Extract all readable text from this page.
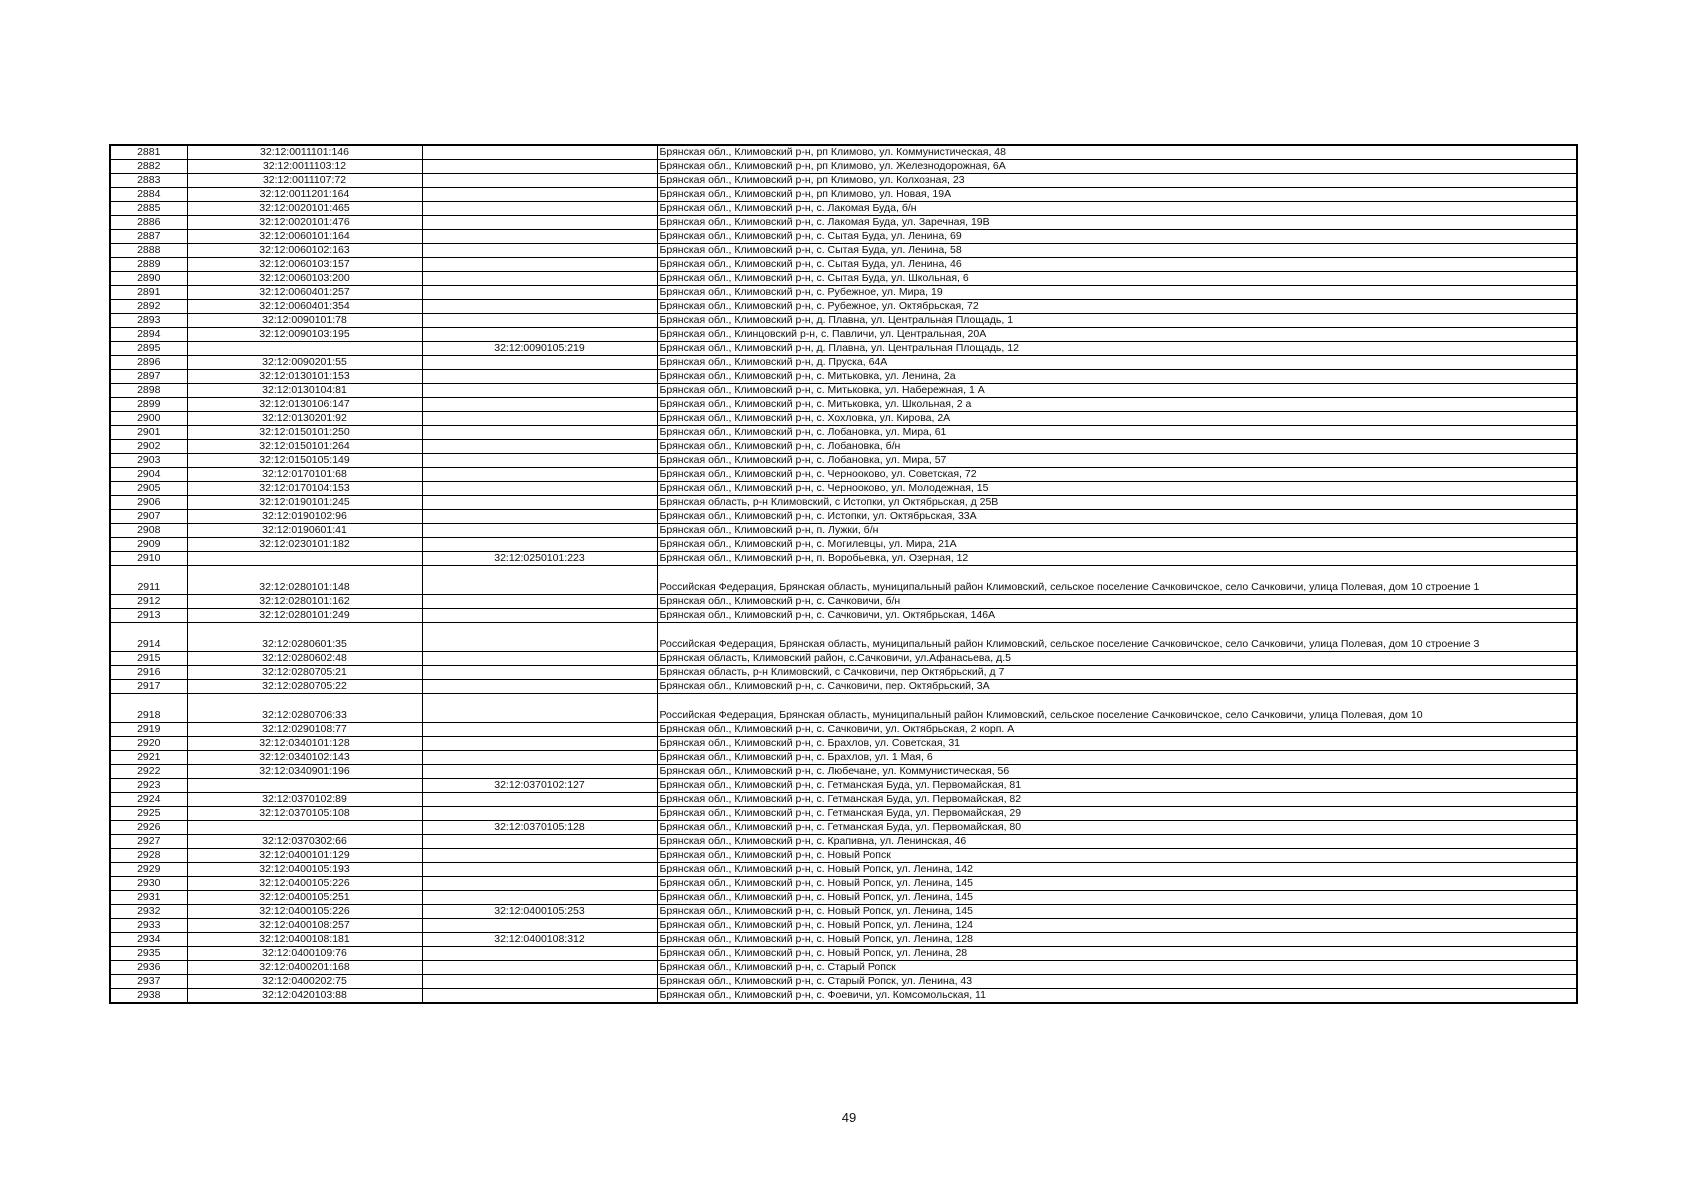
2881	32:12:0011101:146		Брянская обл., Климовский р-н, рп Климово, ул. Коммунистическая, 48
2882	32:12:0011103:12		Брянская обл., Климовский р-н, рп Климово, ул. Железнодорожная, 6А
2883	32:12:0011107:72		Брянская обл., Климовский р-н, рп Климово, ул. Колхозная, 23
2884	32:12:0011201:164		Брянская обл., Климовский р-н, рп Климово, ул. Новая, 19А
2885	32:12:0020101:465		Брянская обл., Климовский р-н, с. Лакомая Буда, б/н
2886	32:12:0020101:476		Брянская обл., Климовский р-н, с. Лакомая Буда, ул. Заречная, 19В
2887	32:12:0060101:164		Брянская обл., Климовский р-н, с. Сытая Буда, ул. Ленина, 69
2888	32:12:0060102:163		Брянская обл., Климовский р-н, с. Сытая Буда, ул. Ленина, 58
2889	32:12:0060103:157		Брянская обл., Климовский р-н, с. Сытая Буда, ул. Ленина, 46
2890	32:12:0060103:200		Брянская обл., Климовский р-н, с. Сытая Буда, ул. Школьная, 6
2891	32:12:0060401:257		Брянская обл., Климовский р-н, с. Рубежное, ул. Мира, 19
2892	32:12:0060401:354		Брянская обл., Климовский р-н, с. Рубежное, ул. Октябрьская, 72
2893	32:12:0090101:78		Брянская обл., Климовский р-н, д. Плавна, ул. Центральная Площадь, 1
2894	32:12:0090103:195		Брянская обл., Клинцовский р-н, с. Павличи, ул. Центральная, 20А
2895		32:12:0090105:219	Брянская обл., Климовский р-н, д. Плавна, ул. Центральная Площадь, 12
2896	32:12:0090201:55		Брянская обл., Климовский р-н, д. Пруска, 64А
2897	32:12:0130101:153		Брянская обл., Климовский р-н, с. Митьковка, ул. Ленина, 2а
2898	32:12:0130104:81		Брянская обл., Климовский р-н, с. Митьковка, ул. Набережная, 1 А
2899	32:12:0130106:147		Брянская обл., Климовский р-н, с. Митьковка, ул. Школьная, 2 а
2900	32:12:0130201:92		Брянская обл., Климовский р-н, с. Хохловка, ул. Кирова, 2А
2901	32:12:0150101:250		Брянская обл., Климовский р-н, с. Лобановка, ул. Мира, 61
2902	32:12:0150101:264		Брянская обл., Климовский р-н, с. Лобановка, б/н
2903	32:12:0150105:149		Брянская обл., Климовский р-н, с. Лобановка, ул. Мира, 57
2904	32:12:0170101:68		Брянская обл., Климовский р-н, с. Чернооково, ул. Советская, 72
2905	32:12:0170104:153		Брянская обл., Климовский р-н, с. Чернооково, ул. Молодежная, 15
2906	32:12:0190101:245		Брянская область, р-н Климовский, с Истопки, ул Октябрьская, д 25В
2907	32:12:0190102:96		Брянская обл., Климовский р-н, с. Истопки, ул. Октябрьская, 33А
2908	32:12:0190601:41		Брянская обл., Климовский р-н, п. Лужки, б/н
2909	32:12:0230101:182		Брянская обл., Климовский р-н, с. Могилевцы, ул. Мира, 21А
2910		32:12:0250101:223	Брянская обл., Климовский р-н, п. Воробьевка, ул. Озерная, 12
2911	32:12:0280101:148		Российская Федерация, Брянская область, муниципальный район Климовский, сельское поселение Сачковичское, село Сачковичи, улица Полевая, дом 10 строение 1
2912	32:12:0280101:162		Брянская обл., Климовский р-н, с. Сачковичи, б/н
2913	32:12:0280101:249		Брянская обл., Климовский р-н, с. Сачковичи, ул. Октябрьская, 146А
2914	32:12:0280601:35		Российская Федерация, Брянская область, муниципальный район Климовский, сельское поселение Сачковичское, село Сачковичи, улица Полевая, дом 10 строение 3
2915	32:12:0280602:48		Брянская область, Климовский район, с.Сачковичи, ул.Афанасьева, д.5
2916	32:12:0280705:21		Брянская область, р-н Климовский, с Сачковичи, пер Октябрьский, д 7
2917	32:12:0280705:22		Брянская обл., Климовский р-н, с. Сачковичи, пер. Октябрьский, 3А
2918	32:12:0280706:33		Российская Федерация, Брянская область, муниципальный район Климовский, сельское поселение Сачковичское, село Сачковичи, улица Полевая, дом 10
2919	32:12:0290108:77		Брянская обл., Климовский р-н, с. Сачковичи, ул. Октябрьская, 2 корп. А
2920	32:12:0340101:128		Брянская обл., Климовский р-н, с. Брахлов, ул. Советская, 31
2921	32:12:0340102:143		Брянская обл., Климовский р-н, с. Брахлов, ул. 1 Мая, 6
2922	32:12:0340901:196		Брянская обл., Климовский р-н, с. Любечане, ул. Коммунистическая, 56
2923		32:12:0370102:127	Брянская обл., Климовский р-н, с. Гетманская Буда, ул. Первомайская, 81
2924	32:12:0370102:89		Брянская обл., Климовский р-н, с. Гетманская Буда, ул. Первомайская, 82
2925	32:12:0370105:108		Брянская обл., Климовский р-н, с. Гетманская Буда, ул. Первомайская, 29
2926		32:12:0370105:128	Брянская обл., Климовский р-н, с. Гетманская Буда, ул. Первомайская, 80
2927	32:12:0370302:66		Брянская обл., Климовский р-н, с. Крапивна, ул. Ленинская, 46
2928	32:12:0400101:129		Брянская обл., Климовский р-н, с. Новый Ропск
2929	32:12:0400105:193		Брянская обл., Климовский р-н, с. Новый Ропск, ул. Ленина, 142
2930	32:12:0400105:226		Брянская обл., Климовский р-н, с. Новый Ропск, ул. Ленина, 145
2931	32:12:0400105:251		Брянская обл., Климовский р-н, с. Новый Ропск, ул. Ленина, 145
2932	32:12:0400105:226	32:12:0400105:253	Брянская обл., Климовский р-н, с. Новый Ропск, ул. Ленина, 145
2933	32:12:0400108:257		Брянская обл., Климовский р-н, с. Новый Ропск, ул. Ленина, 124
2934	32:12:0400108:181	32:12:0400108:312	Брянская обл., Климовский р-н, с. Новый Ропск, ул. Ленина, 128
2935	32:12:0400109:76		Брянская обл., Климовский р-н, с. Новый Ропск, ул. Ленина, 28
2936	32:12:0400201:168		Брянская обл., Климовский р-н, с. Старый Ропск
2937	32:12:0400202:75		Брянская обл., Климовский р-н, с. Старый Ропск, ул. Ленина, 43
2938	32:12:0420103:88		Брянская обл., Климовский р-н, с. Фоевичи, ул. Комсомольская, 11
49
